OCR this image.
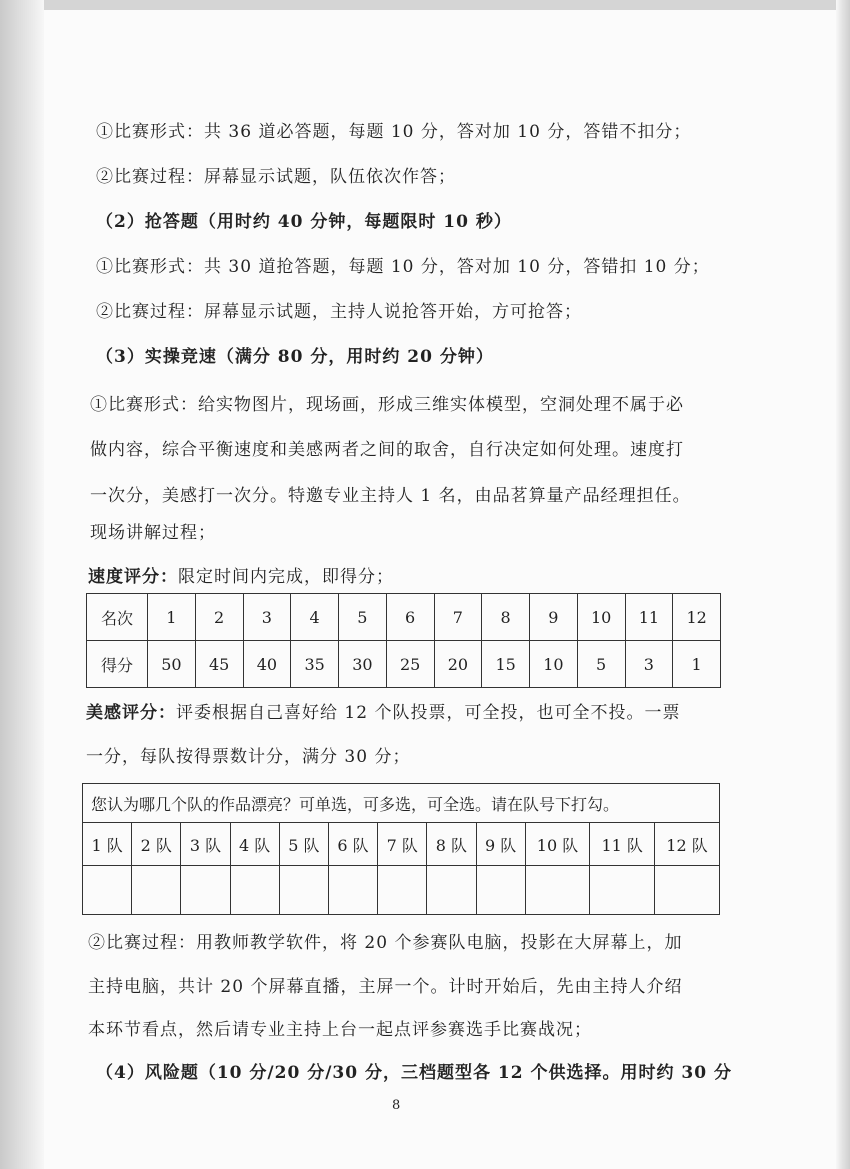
①比赛形式：共 36 道必答题，每题 10 分，答对加 10 分，答错不扣分；
②比赛过程：屏幕显示试题，队伍依次作答；
（2）抢答题（用时约 40 分钟，每题限时 10 秒）
①比赛形式：共 30 道抢答题，每题 10 分，答对加 10 分，答错扣 10 分；
②比赛过程：屏幕显示试题，主持人说抢答开始，方可抢答；
（3）实操竞速（满分 80 分，用时约 20 分钟）
①比赛形式：给实物图片，现场画，形成三维实体模型，空洞处理不属于必
做内容，综合平衡速度和美感两者之间的取舍，自行决定如何处理。速度打
一次分，美感打一次分。特邀专业主持人 1 名，由品茗算量产品经理担任。
现场讲解过程；
速度评分：限定时间内完成，即得分；
名次	1	2	3	4	5	6	7	8	9	10	11	12
得分	50	45	40	35	30	25	20	15	10	5	3	1
美感评分：评委根据自己喜好给 12 个队投票，可全投，也可全不投。一票
一分，每队按得票数计分，满分 30 分；
您认为哪几个队的作品漂亮？可单选，可多选，可全选。请在队号下打勾。											
1 队	2 队	3 队	4 队	5 队	6 队	7 队	8 队	9 队	10 队	11 队	12 队

②比赛过程：用教师教学软件，将 20 个参赛队电脑，投影在大屏幕上，加
主持电脑，共计 20 个屏幕直播，主屏一个。计时开始后，先由主持人介绍
本环节看点，然后请专业主持上台一起点评参赛选手比赛战况；
（4）风险题（10 分/20 分/30 分，三档题型各 12 个供选择。用时约 30 分
8
